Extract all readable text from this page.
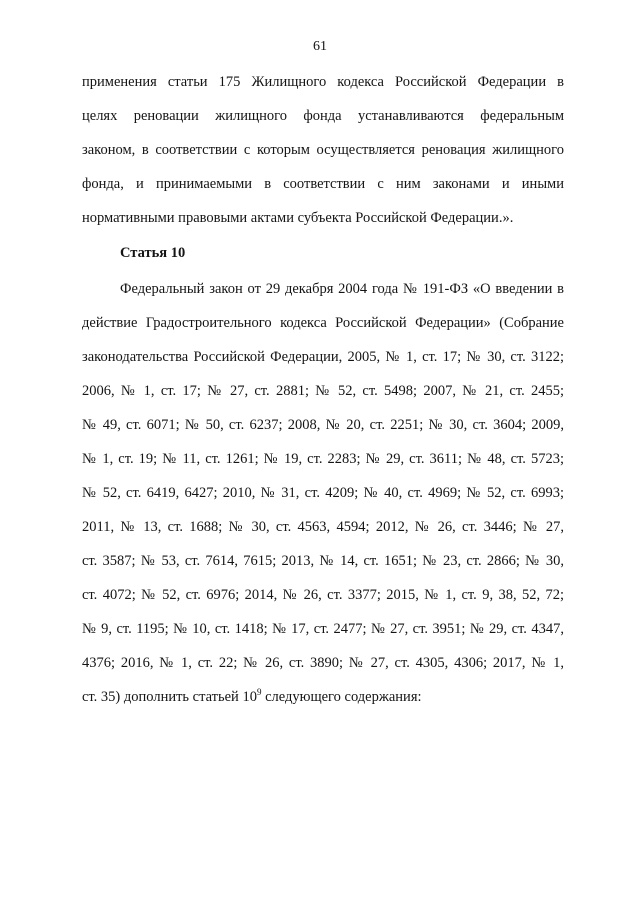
61
применения статьи 175 Жилищного кодекса Российской Федерации в
целях реновации жилищного фонда устанавливаются федеральным
законом, в соответствии с которым осуществляется реновация жилищного
фонда, и принимаемыми в соответствии с ним законами и иными
нормативными правовыми актами субъекта Российской Федерации.».
Статья 10
Федеральный закон от 29 декабря 2004 года № 191-ФЗ «О введении в
действие Градостроительного кодекса Российской Федерации» (Собрание
законодательства Российской Федерации, 2005, № 1, ст. 17; № 30, ст. 3122;
2006, № 1, ст. 17; № 27, ст. 2881; № 52, ст. 5498; 2007, № 21, ст. 2455;
№ 49, ст. 6071; № 50, ст. 6237; 2008, № 20, ст. 2251; № 30, ст. 3604; 2009,
№ 1, ст. 19; № 11, ст. 1261; № 19, ст. 2283; № 29, ст. 3611; № 48, ст. 5723;
№ 52, ст. 6419, 6427; 2010, № 31, ст. 4209; № 40, ст. 4969; № 52, ст. 6993;
2011, № 13, ст. 1688; № 30, ст. 4563, 4594; 2012, № 26, ст. 3446; № 27,
ст. 3587; № 53, ст. 7614, 7615; 2013, № 14, ст. 1651; № 23, ст. 2866; № 30,
ст. 4072; № 52, ст. 6976; 2014, № 26, ст. 3377; 2015, № 1, ст. 9, 38, 52, 72;
№ 9, ст. 1195; № 10, ст. 1418; № 17, ст. 2477; № 27, ст. 3951; № 29, ст. 4347,
4376; 2016, № 1, ст. 22; № 26, ст. 3890; № 27, ст. 4305, 4306; 2017, № 1,
ст. 35) дополнить статьей $10^9$ следующего содержания:
